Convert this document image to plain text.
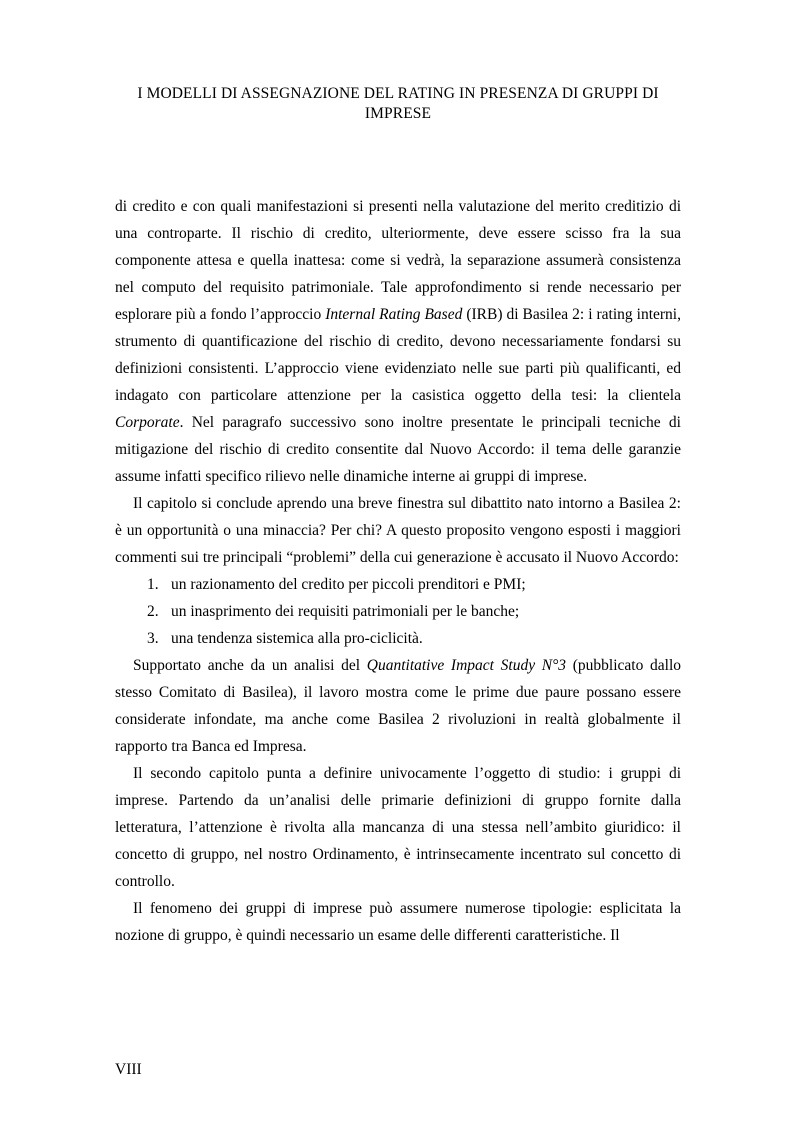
I MODELLI DI ASSEGNAZIONE DEL RATING IN PRESENZA DI GRUPPI DI IMPRESE

di credito e con quali manifestazioni si presenti nella valutazione del merito creditizio di una controparte. Il rischio di credito, ulteriormente, deve essere scisso fra la sua componente attesa e quella inattesa: come si vedrà, la separazione assumerà consistenza nel computo del requisito patrimoniale. Tale approfondimento si rende necessario per esplorare più a fondo l’approccio Internal Rating Based (IRB) di Basilea 2: i rating interni, strumento di quantificazione del rischio di credito, devono necessariamente fondarsi su definizioni consistenti. L’approccio viene evidenziato nelle sue parti più qualificanti, ed indagato con particolare attenzione per la casistica oggetto della tesi: la clientela Corporate. Nel paragrafo successivo sono inoltre presentate le principali tecniche di mitigazione del rischio di credito consentite dal Nuovo Accordo: il tema delle garanzie assume infatti specifico rilievo nelle dinamiche interne ai gruppi di imprese.

Il capitolo si conclude aprendo una breve finestra sul dibattito nato intorno a Basilea 2: è un opportunità o una minaccia? Per chi? A questo proposito vengono esposti i maggiori commenti sui tre principali “problemi” della cui generazione è accusato il Nuovo Accordo:

1. un razionamento del credito per piccoli prenditori e PMI;
2. un inasprimento dei requisiti patrimoniali per le banche;
3. una tendenza sistemica alla pro-ciclicità.

Supportato anche da un analisi del Quantitative Impact Study N°3 (pubblicato dallo stesso Comitato di Basilea), il lavoro mostra come le prime due paure possano essere considerate infondate, ma anche come Basilea 2 rivoluzioni in realtà globalmente il rapporto tra Banca ed Impresa.

Il secondo capitolo punta a definire univocamente l’oggetto di studio: i gruppi di imprese. Partendo da un’analisi delle primarie definizioni di gruppo fornite dalla letteratura, l’attenzione è rivolta alla mancanza di una stessa nell’ambito giuridico: il concetto di gruppo, nel nostro Ordinamento, è intrinsecamente incentrato sul concetto di controllo.

Il fenomeno dei gruppi di imprese può assumere numerose tipologie: esplicitata la nozione di gruppo, è quindi necessario un esame delle differenti caratteristiche. Il

VIII
